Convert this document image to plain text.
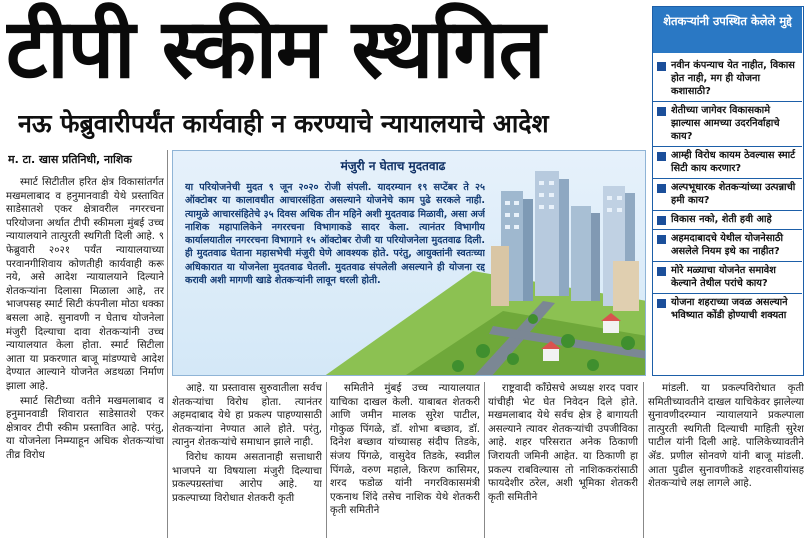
टीपी स्कीम स्थगित
नऊ फेब्रुवारीपर्यंत कार्यवाही न करण्याचे न्यायालयाचे आदेश
म. टा. खास प्रतिनिधी, नाशिक

स्मार्ट सिटीतील हरित क्षेत्र विकासांतर्गत मखमलाबाद व हनुमानवाडी येथे प्रस्तावित साडेसातशे एकर क्षेत्रावरील नगररचना परियोजना अर्थात टीपी स्कीमला मुंबई उच्च न्यायालयाने तात्पुरती स्थगिती दिली आहे. ९ फेब्रुवारी २०२१ पर्यंत न्यायालयाच्या परवानगीशिवाय कोणतीही कार्यवाही करू नये, असे आदेश न्यायालयाने दिल्याने शेतकऱ्यांना दिलासा मिळाला आहे, तर भाजपसह स्मार्ट सिटी कंपनीला मोठा धक्का बसला आहे. सुनावणी न घेताच योजनेला मंजुरी दिल्याचा दावा शेतकऱ्यांनी उच्च न्यायालयात केला होता. स्मार्ट सिटीला आता या प्रकरणात बाजू मांडण्याचे आदेश देण्यात आल्याने योजनेत अडथळा निर्माण झाला आहे.

स्मार्ट सिटीच्या वतीने मखमलाबाद व हनुमानवाडी शिवारात साडेसातशे एकर क्षेत्रावर टीपी स्कीम प्रस्तावित आहे. परंतु, या योजनेला निम्म्याहून अधिक शेतकऱ्यांचा तीव्र विरोध

मंजुरी न घेताच मुदतवाढ
या परियोजनेची मुदत ९ जून २०२० रोजी संपली. यादरम्यान १९ सप्टेंबर ते २५ ऑक्टोबर या कालावधीत आचारसंहिता असल्याने योजनेचे काम पुढे सरकले नाही. त्यामुळे आचारसंहितेचे ३५ दिवस अधिक तीन महिने अशी मुदतवाढ मिळावी, असा अर्ज नाशिक महापालिकेने नगररचना विभागाकडे सादर केला. त्यानंतर विभागीय कार्यालयातील नगररचना विभागाने १५ ऑक्टोबर रोजी या परियोजनेला मुदतवाढ दिली. ही मुदतवाढ घेताना महासभेची मंजुरी घेणे आवश्यक होते. परंतु, आयुक्तांनी स्वतःच्या अधिकारात या योजनेला मुदतवाढ घेतली. मुदतवाढ संपलेली असल्याने ही योजना रद्द करावी अशी मागणी खाडे शेतकऱ्यांनी लावून धरली होती.

आहे. या प्रस्तावास सुरुवातीला सर्वच शेतकऱ्यांचा विरोध होता. त्यानंतर अहमदाबाद येथे हा प्रकल्प पाहण्यासाठी शेतकऱ्यांना नेण्यात आले होते. परंतु, त्यानुन शेतकऱ्यांचे समाधान झाले नाही.

विरोध कायम असतानाही सत्ताधारी भाजपने या विषयाला मंजुरी दिल्याचा प्रकल्पग्रस्तांचा आरोप आहे. या प्रकल्पाच्या विरोधात शेतकरी कृती

समितीने मुंबई उच्च न्यायालयात याचिका दाखल केली. याबाबत शेतकरी आणि जमीन मालक सुरेश पाटील, गोकुळ पिंगळे, डॉ. शोभा बच्छाव, डॉ. दिनेश बच्छाव यांच्यासह संदीप तिडके, संजय पिंगळे, वासुदेव तिडके, स्वप्नील पिंगळे, वरुण महाले, किरण कासिमर, शरद फडोळ यांनी नगरविकासमंत्री एकनाथ शिंदे तसेच नाशिक येथे शेतकरी कृती समितीने

राष्ट्रवादी काँग्रेसचे अध्यक्ष शरद पवार यांचीही भेट घेत निवेदन दिले होते. मखमलाबाद येथे सर्वच क्षेत्र हे बागायती असल्याने त्यावर शेतकऱ्यांची उपजीविका आहे. शहर परिसरात अनेक ठिकाणी जिरायती जमिनी आहेत. या ठिकाणी हा प्रकल्प राबविल्यास तो नाशिककरांसाठी फायदेशीर ठरेल, अशी भूमिका शेतकरी कृती समितीने

मांडली. या प्रकल्पविरोधात कृती समितीच्यावतीने दाखल याचिकेवर झालेल्या सुनावणीदरम्यान न्यायालयाने प्रकल्पाला तात्पुरती स्थगिती दिल्याची माहिती सुरेश पाटील यांनी दिली आहे. पालिकेच्यावतीने ॲड. प्रणील सोनवणे यांनी बाजू मांडली. आता पुढील सुनावणीकडे शहरवासीयांसह शेतकऱ्यांचे लक्ष लागले आहे.

शेतकऱ्यांनी उपस्थित केलेले मुद्दे
नवीन कंपन्याच येत नाहीत, विकास होत नाही, मग ही योजना कशासाठी?
शेतीच्या जागेवर विकासकामे झाल्यास आमच्या उदरनिर्वाहाचे काय?
आम्ही विरोध कायम ठेवल्यास स्मार्ट सिटी काय करणार?
अल्पभूधारक शेतकऱ्यांच्या उत्पन्नाची हमी काय?
विकास नको, शेती हवी आहे
अहमदाबादचे येथील योजनेसाठी असलेले नियम इथे का नाहीत?
मोरे मळ्याचा योजनेत समावेश केल्याने तेथील परांचे काय?
योजना शहराच्या जवळ असल्याने भविष्यात कोंडी होण्याची शक्यता
